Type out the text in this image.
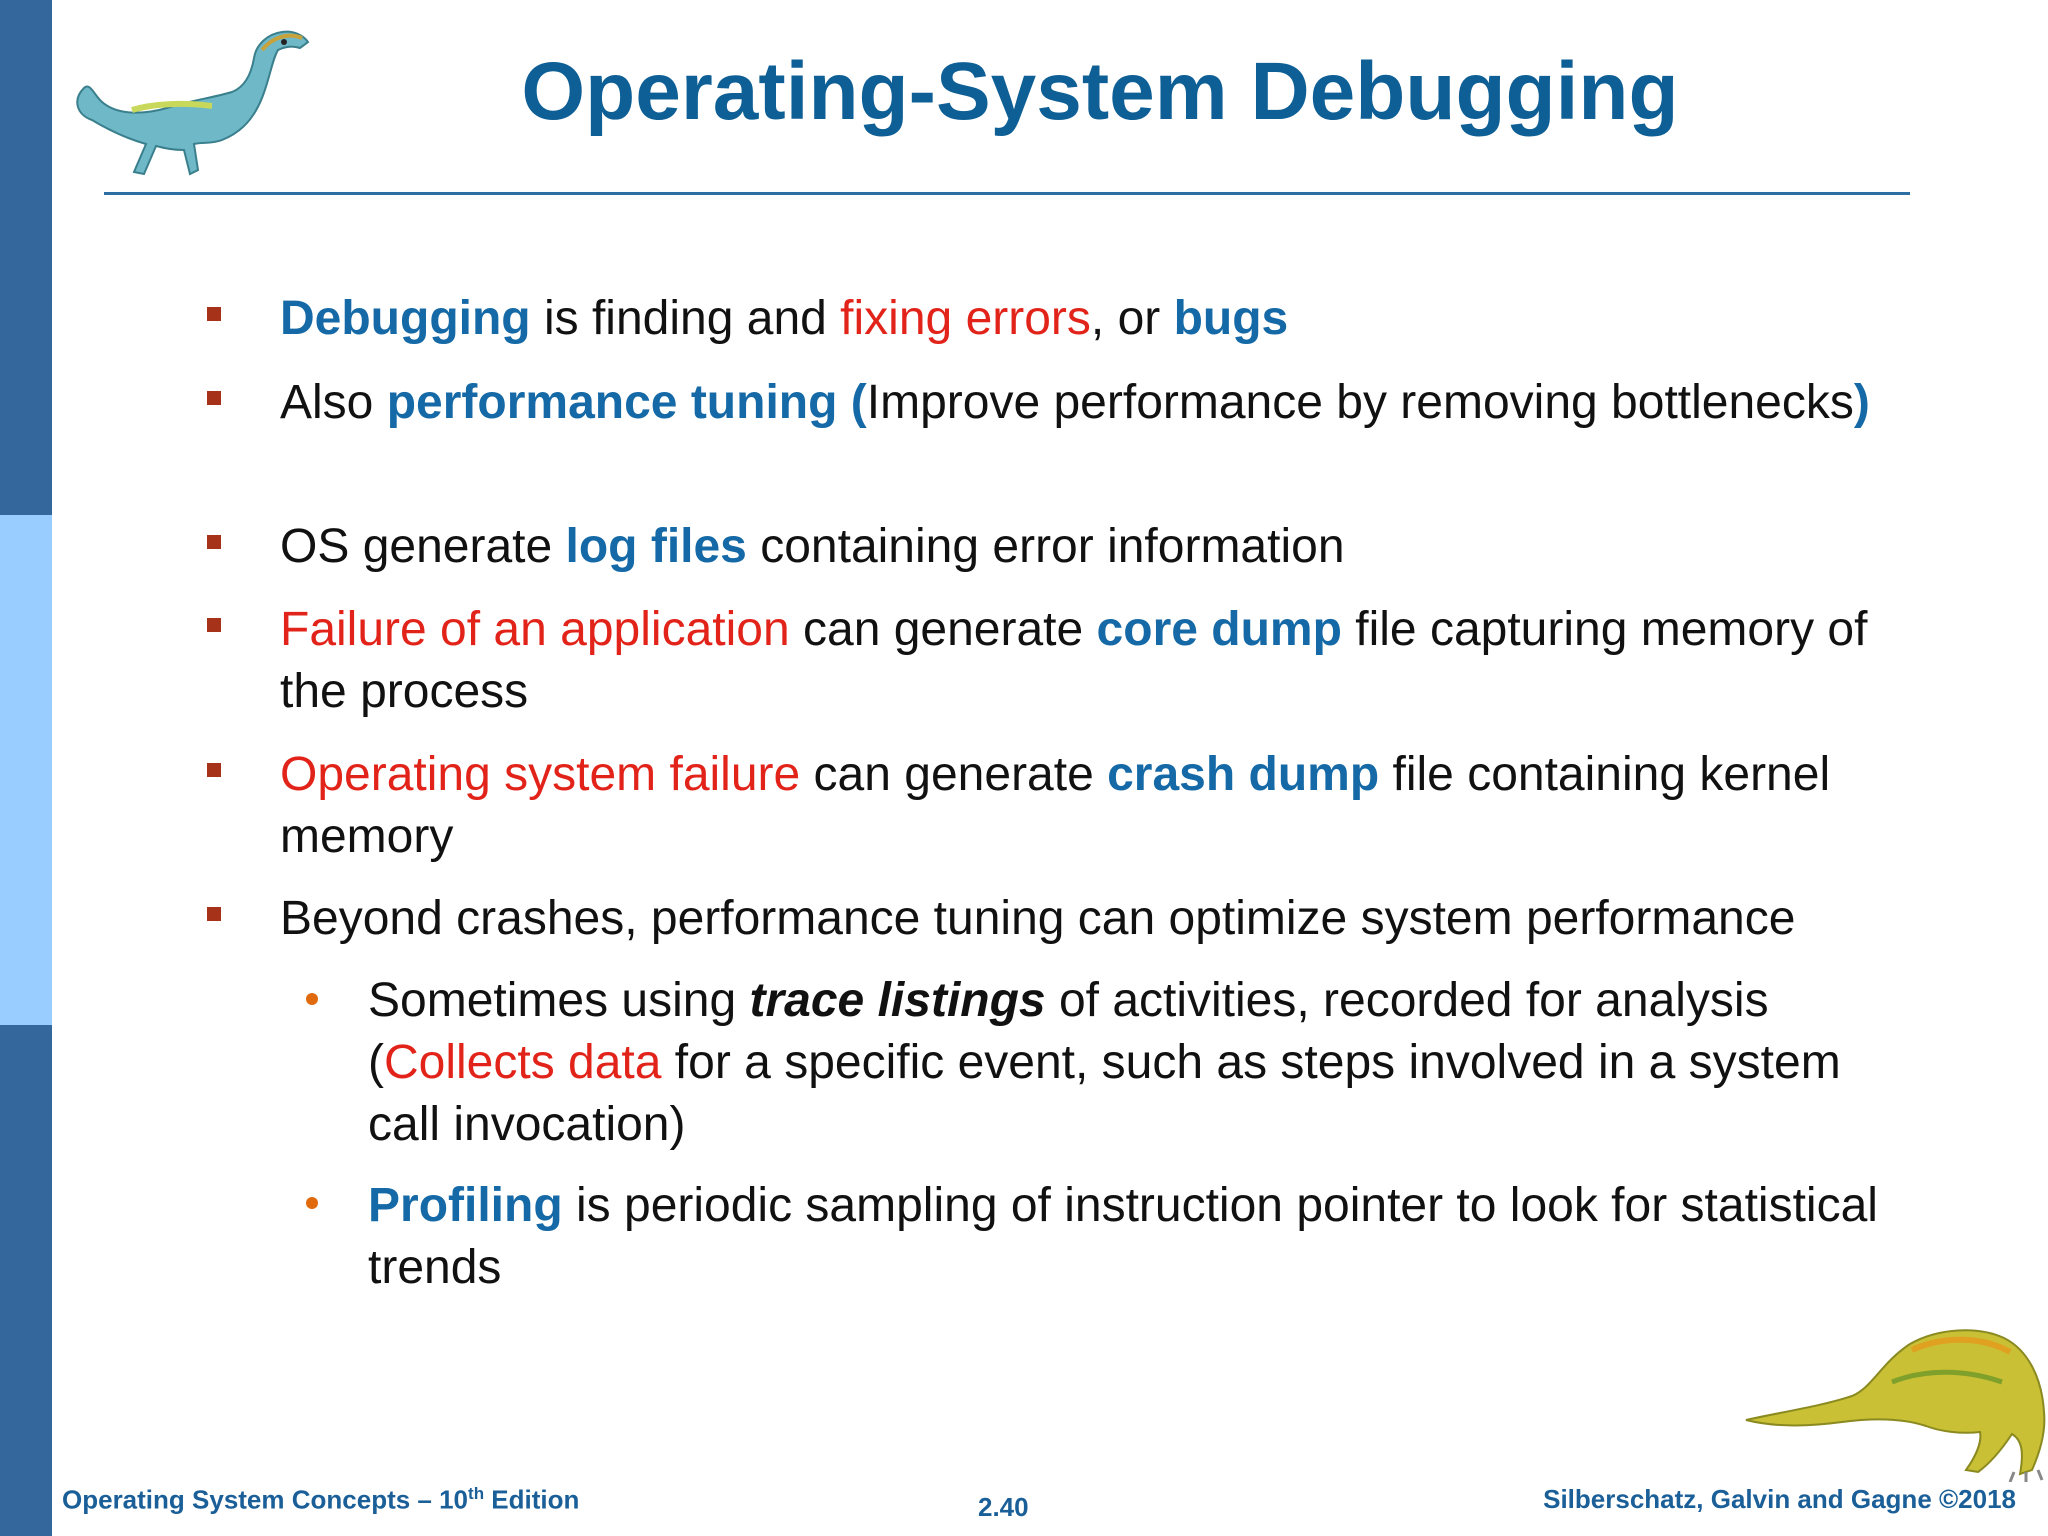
Operating-System Debugging
Debugging is finding and fixing errors, or bugs
Also performance tuning (Improve performance by removing bottlenecks)
OS generate log files containing error information
Failure of an application can generate core dump file capturing memory of the process
Operating system failure can generate crash dump file containing kernel memory
Beyond crashes, performance tuning can optimize system performance
Sometimes using trace listings of activities, recorded for analysis (Collects data for a specific event, such as steps involved in a system call invocation)
Profiling is periodic sampling of instruction pointer to look for statistical trends
Operating System Concepts – 10th Edition	2.40	Silberschatz, Galvin and Gagne ©2018
